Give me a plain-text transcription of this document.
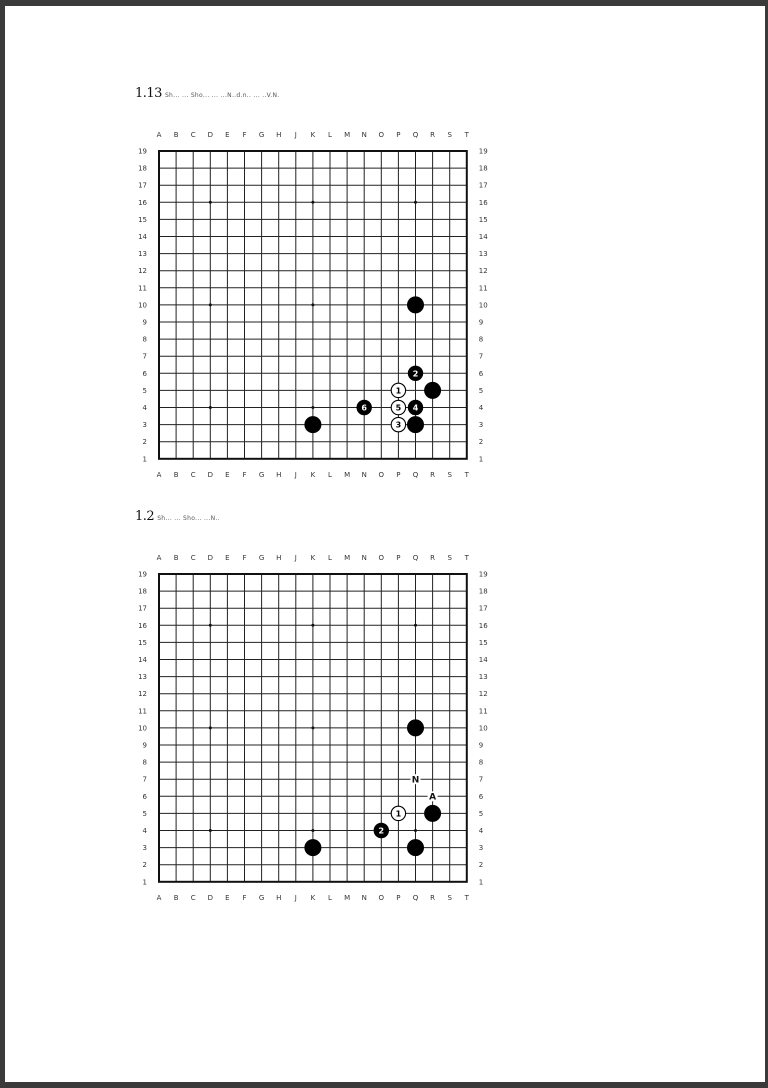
1.13 Sh... ... Sho... ... ...N..d.n.. ... ..V.N.
A
A
B
B
C
C
D
D
E
E
F
F
G
G
H
H
J
J
K
K
L
L
M
M
N
N
O
O
P
P
Q
Q
R
R
S
S
T
T
19	19
18	18
17	17
16	16
15	15
14	14
13	13
12	12
11	11
10	10
9	9
8	8
7	7
6	6
5	5
4	4
3	3
2	2
1	1
2
4
6
1
3
5
1.2 Sh... ... Sho... ...N..
A
A
B
B
C
C
D
D
E
E
F
F
G
G
H
H
J
J
K
K
L
L
M
M
N
N
O
O
P
P
Q
Q
R
R
S
S
T
T
19	19
18	18
17	17
16	16
15	15
14	14
13	13
12	12
11	11
10	10
9	9
8	8
7	7
6	6
5	5
4	4
3	3
2	2
1	1
N
A
2
1
